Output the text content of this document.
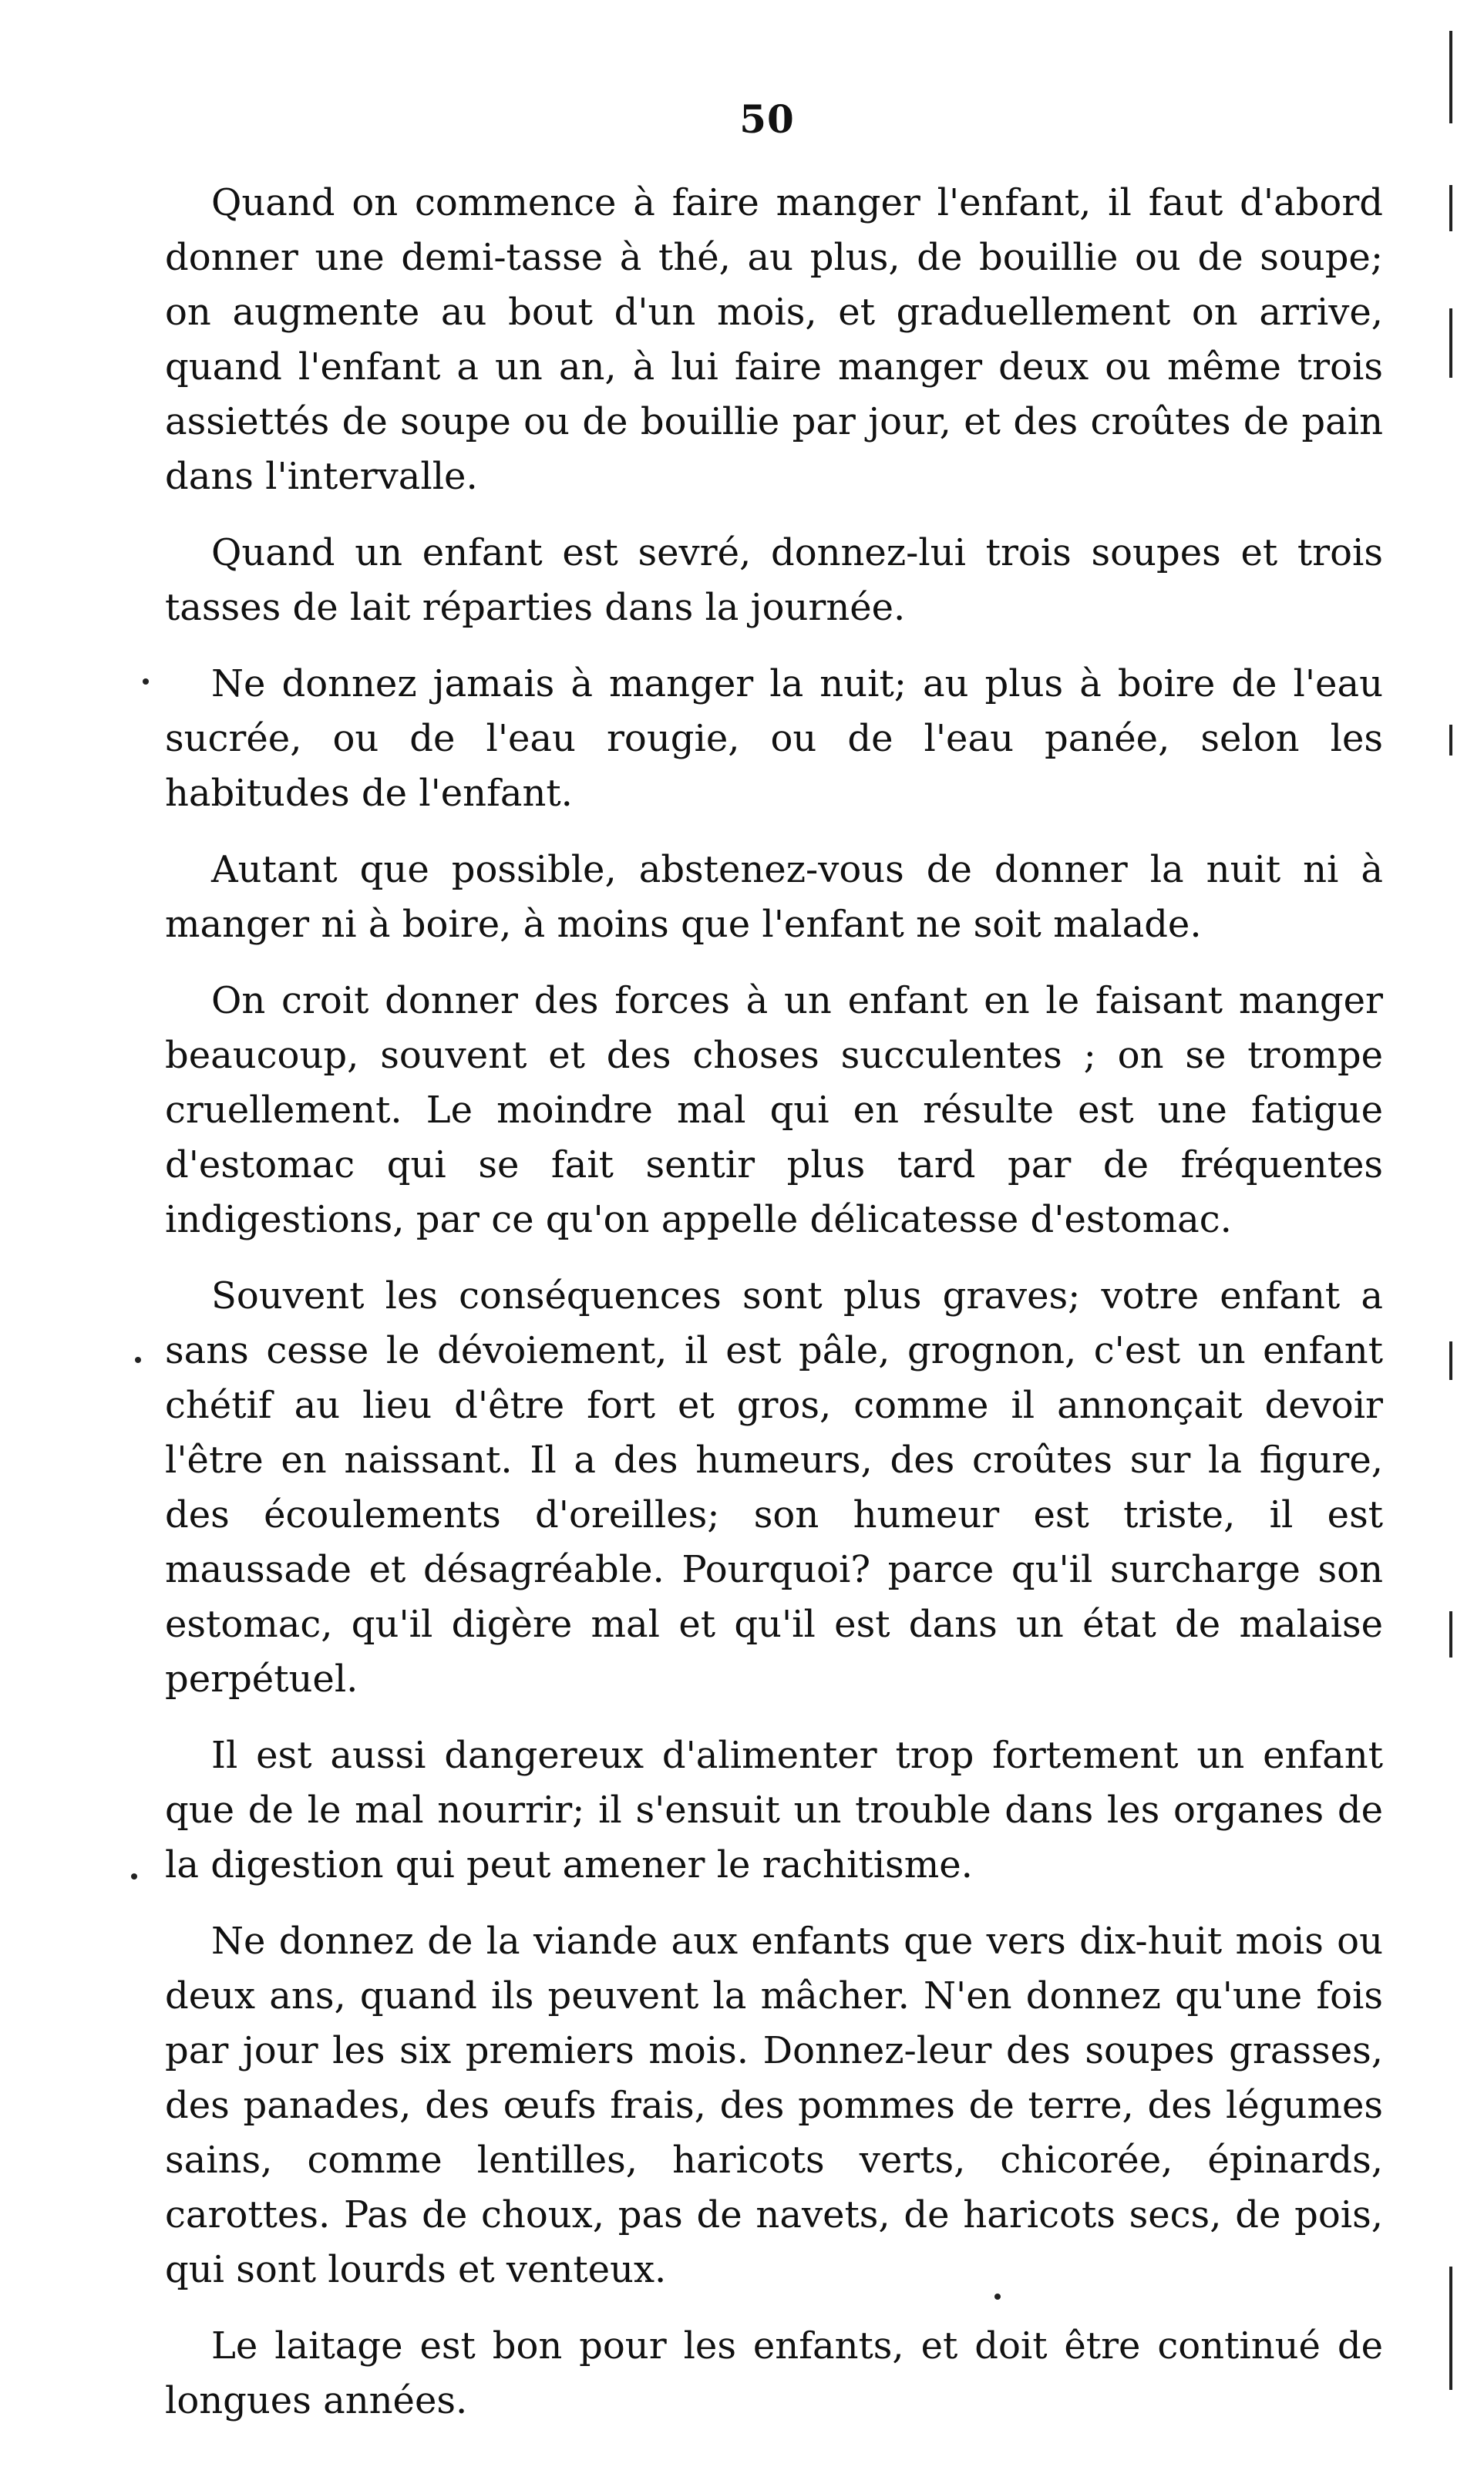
50

Quand on commence à faire manger l'enfant, il faut d'abord donner une demi-tasse à thé, au plus, de bouillie ou de soupe; on augmente au bout d'un mois, et graduellement on arrive, quand l'enfant a un an, à lui faire manger deux ou même trois assiettés de soupe ou de bouillie par jour, et des croûtes de pain dans l'intervalle.

Quand un enfant est sevré, donnez-lui trois soupes et trois tasses de lait réparties dans la journée.

Ne donnez jamais à manger la nuit; au plus à boire de l'eau sucrée, ou de l'eau rougie, ou de l'eau panée, selon les habitudes de l'enfant.

Autant que possible, abstenez-vous de donner la nuit ni à manger ni à boire, à moins que l'enfant ne soit malade.

On croit donner des forces à un enfant en le faisant manger beaucoup, souvent et des choses succulentes ; on se trompe cruellement. Le moindre mal qui en résulte est une fatigue d'estomac qui se fait sentir plus tard par de fréquentes indigestions, par ce qu'on appelle délicatesse d'estomac.

Souvent les conséquences sont plus graves; votre enfant a sans cesse le dévoiement, il est pâle, grognon, c'est un enfant chétif au lieu d'être fort et gros, comme il annonçait devoir l'être en naissant. Il a des humeurs, des croûtes sur la figure, des écoulements d'oreilles; son humeur est triste, il est maussade et désagréable. Pourquoi? parce qu'il surcharge son estomac, qu'il digère mal et qu'il est dans un état de malaise perpétuel.

Il est aussi dangereux d'alimenter trop fortement un enfant que de le mal nourrir; il s'ensuit un trouble dans les organes de la digestion qui peut amener le rachitisme.

Ne donnez de la viande aux enfants que vers dix-huit mois ou deux ans, quand ils peuvent la mâcher. N'en donnez qu'une fois par jour les six premiers mois. Donnez-leur des soupes grasses, des panades, des œufs frais, des pommes de terre, des légumes sains, comme lentilles, haricots verts, chicorée, épinards, carottes. Pas de choux, pas de navets, de haricots secs, de pois, qui sont lourds et venteux.

Le laitage est bon pour les enfants, et doit être continué de longues années.
